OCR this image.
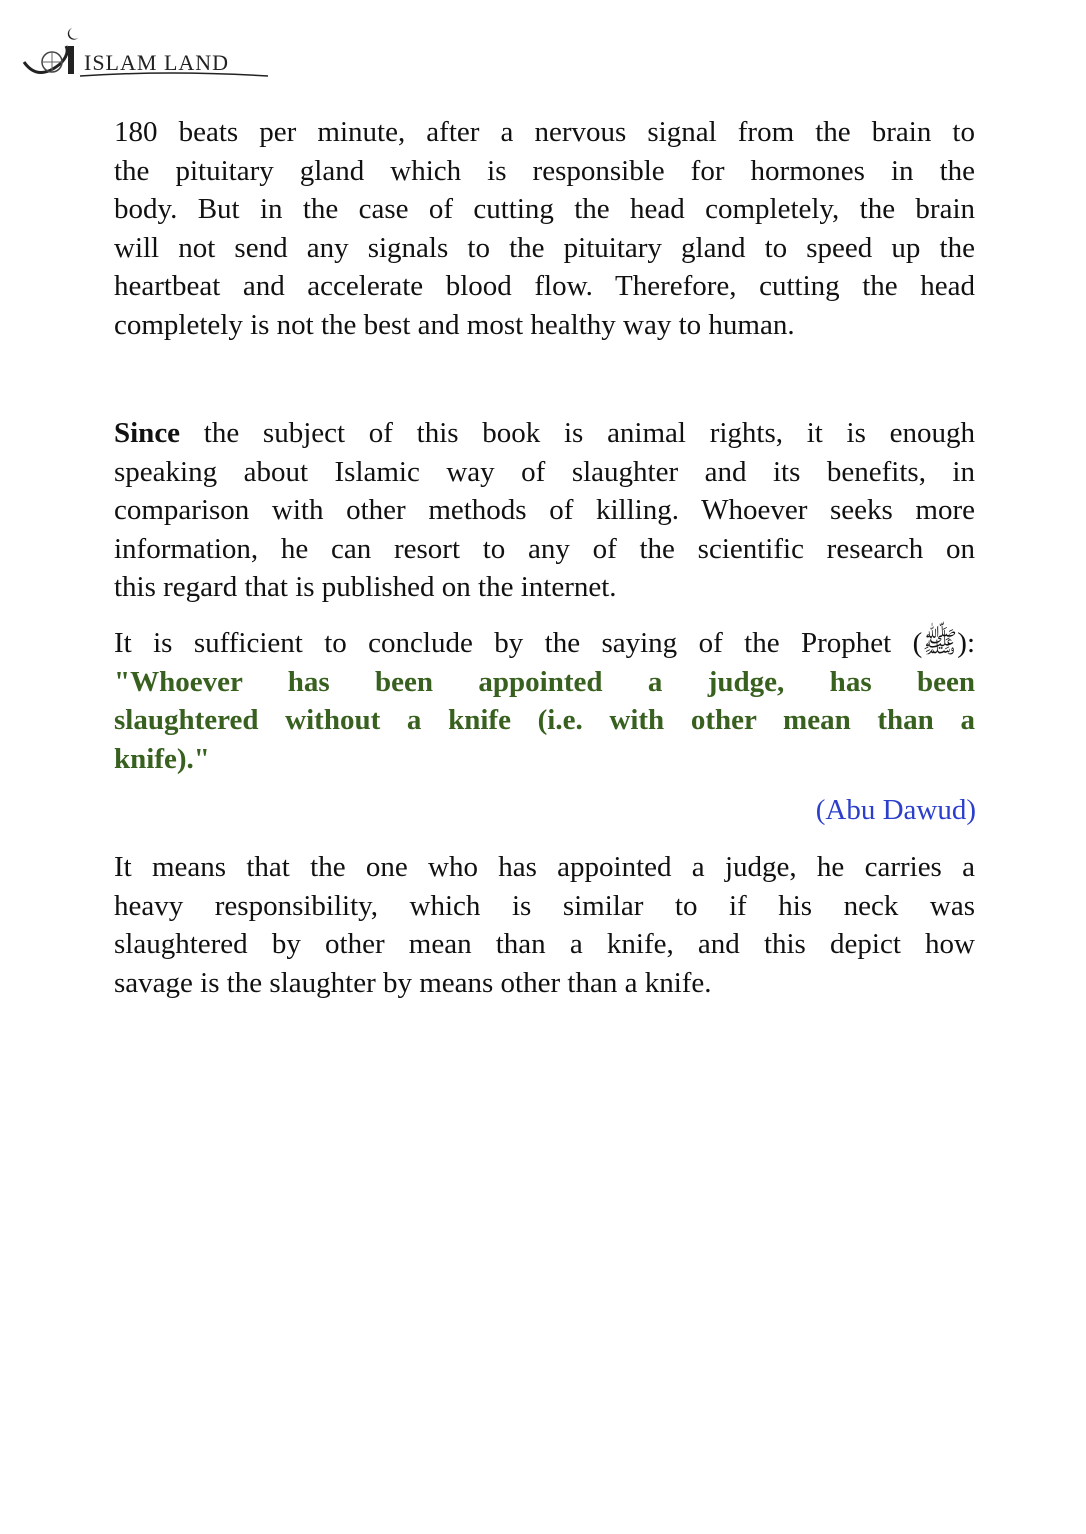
ISLAM LAND
180 beats per minute, after a nervous signal from the brain to
the pituitary gland which is responsible for hormones in the
body. But in the case of cutting the head completely, the brain
will not send any signals to the pituitary gland to speed up the
heartbeat and accelerate blood flow. Therefore, cutting the head
completely is not the best and most healthy way to human.
Since the subject of this book is animal rights, it is enough
speaking about Islamic way of slaughter and its benefits, in
comparison with other methods of killing. Whoever seeks more
information, he can resort to any of the scientific research on
this regard that is published on the internet.
It is sufficient to conclude by the saying of the Prophet (ﷺ):
"Whoever has been appointed a judge, has been
slaughtered without a knife (i.e. with other mean than a
knife)."
(Abu Dawud)
It means that the one who has appointed a judge, he carries a
heavy responsibility, which is similar to if his neck was
slaughtered by other mean than a knife, and this depict how
savage is the slaughter by means other than a knife.
